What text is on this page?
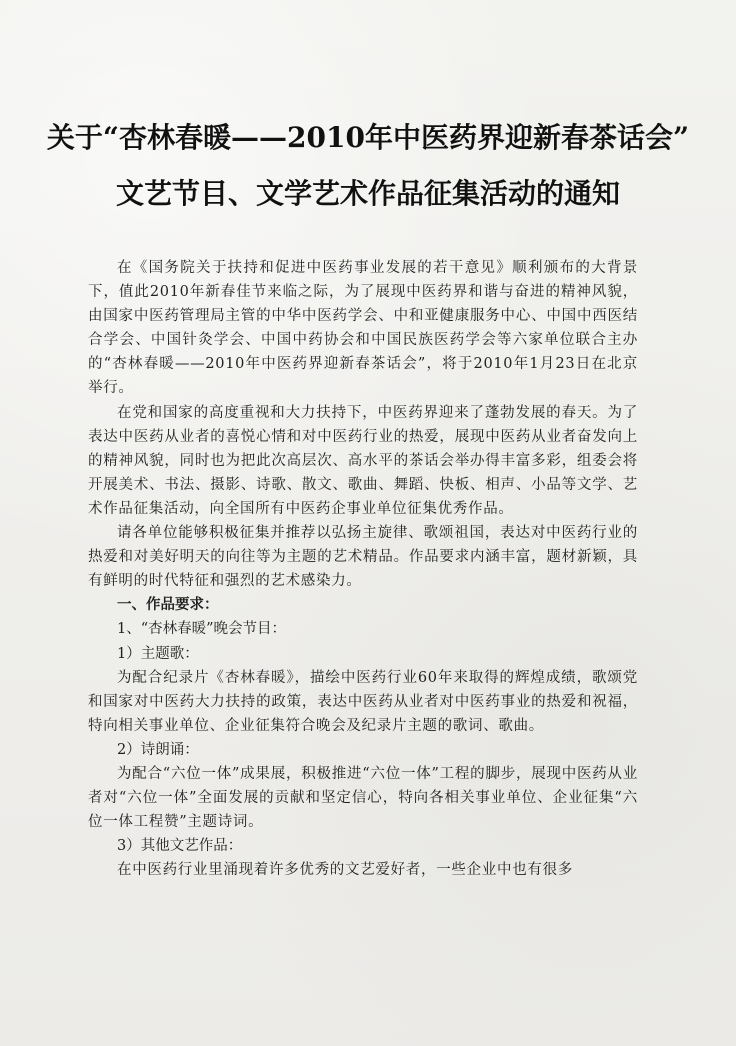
关于“杏林春暖——2010年中医药界迎新春茶话会”
文艺节目、文学艺术作品征集活动的通知

在《国务院关于扶持和促进中医药事业发展的若干意见》顺利颁布的大背景下，值此2010年新春佳节来临之际，为了展现中医药界和谐与奋进的精神风貌，由国家中医药管理局主管的中华中医药学会、中和亚健康服务中心、中国中西医结合学会、中国针灸学会、中国中药协会和中国民族医药学会等六家单位联合主办的“杏林春暖——2010年中医药界迎新春茶话会”，将于2010年1月23日在北京举行。

在党和国家的高度重视和大力扶持下，中医药界迎来了蓬勃发展的春天。为了表达中医药从业者的喜悦心情和对中医药行业的热爱，展现中医药从业者奋发向上的精神风貌，同时也为把此次高层次、高水平的茶话会举办得丰富多彩，组委会将开展美术、书法、摄影、诗歌、散文、歌曲、舞蹈、快板、相声、小品等文学、艺术作品征集活动，向全国所有中医药企事业单位征集优秀作品。

请各单位能够积极征集并推荐以弘扬主旋律、歌颂祖国，表达对中医药行业的热爱和对美好明天的向往等为主题的艺术精品。作品要求内涵丰富，题材新颖，具有鲜明的时代特征和强烈的艺术感染力。

一、作品要求：

1、“杏林春暖”晚会节目：

1）主题歌：

为配合纪录片《杏林春暖》，描绘中医药行业60年来取得的辉煌成绩，歌颂党和国家对中医药大力扶持的政策，表达中医药从业者对中医药事业的热爱和祝福，特向相关事业单位、企业征集符合晚会及纪录片主题的歌词、歌曲。

2）诗朗诵：

为配合“六位一体”成果展，积极推进“六位一体”工程的脚步，展现中医药从业者对“六位一体”全面发展的贡献和坚定信心，特向各相关事业单位、企业征集“六位一体工程赞”主题诗词。

3）其他文艺作品：

在中医药行业里涌现着许多优秀的文艺爱好者，一些企业中也有很多
